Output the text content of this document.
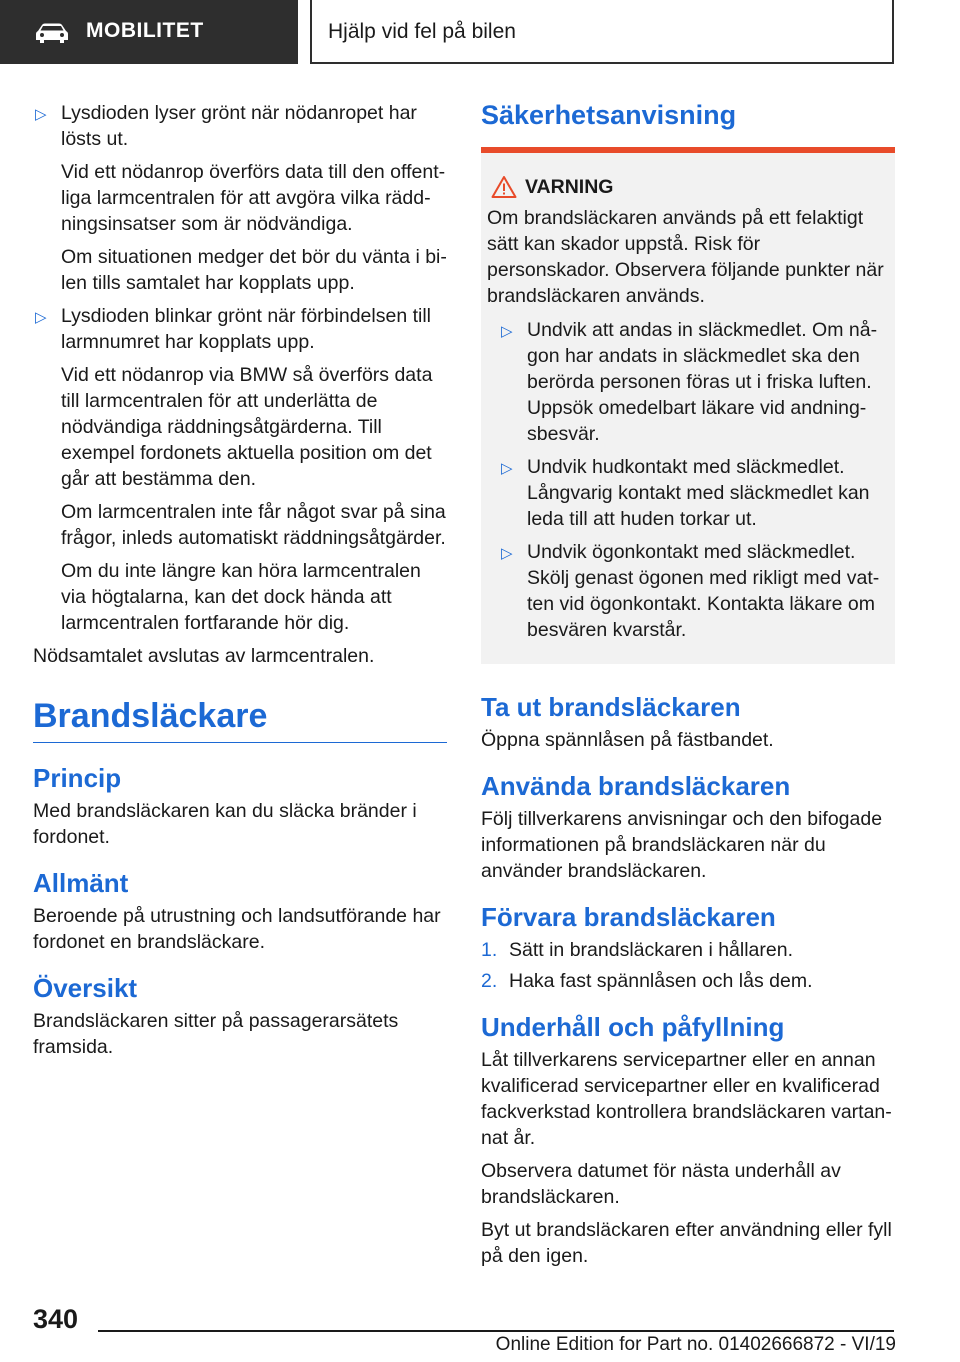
MOBILITET	Hjälp vid fel på bilen
▷ Lysdioden lyser grönt när nödanropet har lösts ut.

Vid ett nödanrop överförs data till den offentliga larmcentralen för att avgöra vilka räddningsinsatser som är nödvändiga.

Om situationen medger det bör du vänta i bilen tills samtalet har kopplats upp.

▷ Lysdioden blinkar grönt när förbindelsen till larmnumret har kopplats upp.

Vid ett nödanrop via BMW så överförs data till larmcentralen för att underlätta de nödvändiga räddningsåtgärderna. Till exempel fordonets aktuella position om det går att bestämma den.

Om larmcentralen inte får något svar på sina frågor, inleds automatiskt räddningsåtgärder.

Om du inte längre kan höra larmcentralen via högtalarna, kan det dock hända att larmcentralen fortfarande hör dig.

Nödsamtalet avslutas av larmcentralen.

Brandsläckare
Princip

Med brandsläckaren kan du släcka bränder i fordonet.

Allmänt

Beroende på utrustning och landsutförande har fordonet en brandsläckare.

Översikt

Brandsläckaren sitter på passagerarsätets framsida.

Säkerhetsanvisning
VARNING

Om brandsläckaren används på ett felaktigt sätt kan skador uppstå. Risk för personskador. Observera följande punkter när brandsläckaren används.

▷ Undvik att andas in släckmedlet. Om någon har andats in släckmedlet ska den berörda personen föras ut i friska luften. Uppsök omedelbart läkare vid andningsbesvär.

▷ Undvik hudkontakt med släckmedlet. Långvarig kontakt med släckmedlet kan leda till att huden torkar ut.

▷ Undvik ögonkontakt med släckmedlet. Skölj genast ögonen med rikligt med vatten vid ögonkontakt. Kontakta läkare om besvären kvarstår.

Ta ut brandsläckaren

Öppna spännlåsen på fästbandet.

Använda brandsläckaren

Följ tillverkarens anvisningar och den bifogade informationen på brandsläckaren när du använder brandsläckaren.

Förvara brandsläckaren
1. Sätt in brandsläckaren i hållaren.
2. Haka fast spännlåsen och lås dem.
Underhåll och påfyllning

Låt tillverkarens servicepartner eller en annan kvalificerad servicepartner eller en kvalificerad fackverkstad kontrollera brandsläckaren vartannat år.

Observera datumet för nästa underhåll av brandsläckaren.

Byt ut brandsläckaren efter användning eller fyll på den igen.

340
Online Edition for Part no. 01402666872 - VI/19
